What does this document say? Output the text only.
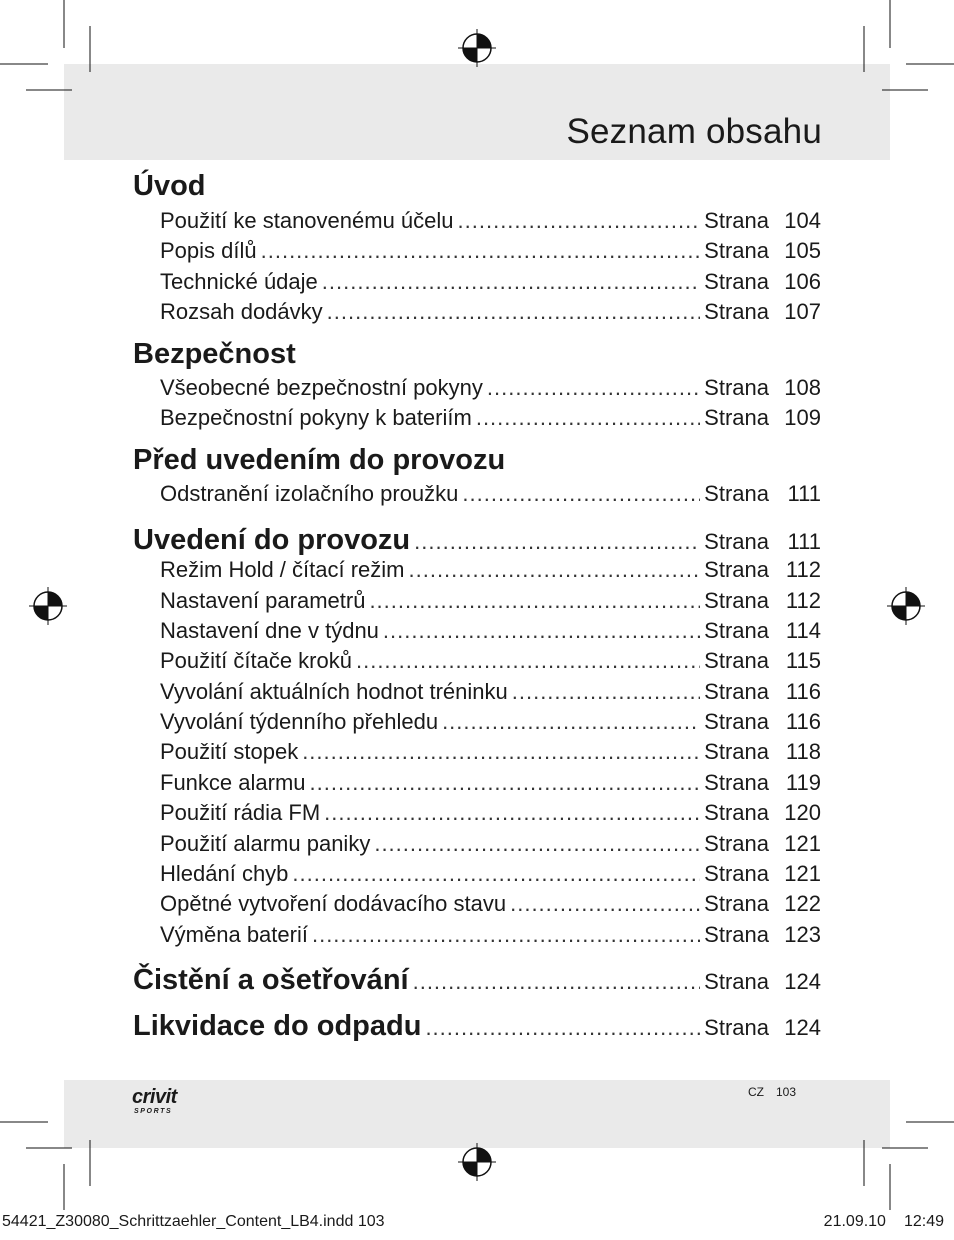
Seznam obsahu
Úvod
Použití ke stanovenému účelu .....	Strana 104
Popis dílů .....	Strana 105
Technické údaje .....	Strana 106
Rozsah dodávky .....	Strana 107
Bezpečnost
Všeobecné bezpečnostní pokyny .....	Strana 108
Bezpečnostní pokyny k bateriím .....	Strana 109
Před uvedením do provozu
Odstranění izolačního proužku .....	Strana 111
Uvedení do provozu .....	Strana 111
Režim Hold / čítací režim .....	Strana 112
Nastavení parametrů .....	Strana 112
Nastavení dne v týdnu .....	Strana 114
Použití čítače kroků .....	Strana 115
Vyvolání aktuálních hodnot tréninku .....	Strana 116
Vyvolání týdenního přehledu .....	Strana 116
Použití stopek .....	Strana 118
Funkce alarmu .....	Strana 119
Použití rádia FM .....	Strana 120
Použití alarmu paniky .....	Strana 121
Hledání chyb .....	Strana 121
Opětné vytvoření dodávacího stavu .....	Strana 122
Výměna baterií .....	Strana 123
Čistění a ošetřování .....	Strana 124
Likvidace do odpadu .....	Strana 124
crivit
SPORTS
CZ 103
54421_Z30080_Schrittzaehler_Content_LB4.indd 103	21.09.10 12:49
